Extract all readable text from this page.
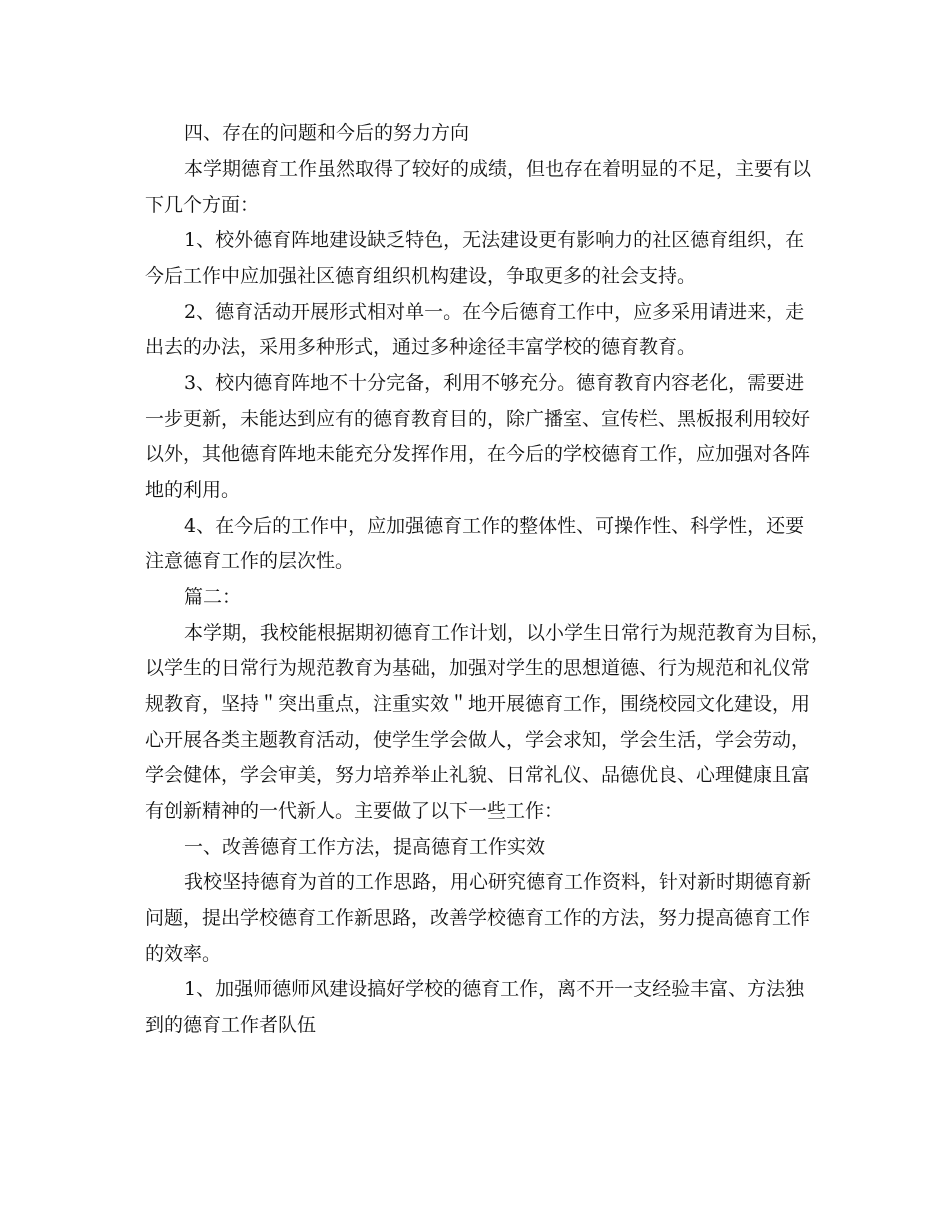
四、存在的问题和今后的努力方向

本学期德育工作虽然取得了较好的成绩，但也存在着明显的不足，主要有以

下几个方面：

1、校外德育阵地建设缺乏特色，无法建设更有影响力的社区德育组织，在

今后工作中应加强社区德育组织机构建设，争取更多的社会支持。

2、德育活动开展形式相对单一。在今后德育工作中，应多采用请进来，走

出去的办法，采用多种形式，通过多种途径丰富学校的德育教育。

3、校内德育阵地不十分完备，利用不够充分。德育教育内容老化，需要进

一步更新，未能达到应有的德育教育目的，除广播室、宣传栏、黑板报利用较好

以外，其他德育阵地未能充分发挥作用，在今后的学校德育工作，应加强对各阵

地的利用。

4、在今后的工作中，应加强德育工作的整体性、可操作性、科学性，还要

注意德育工作的层次性。

篇二：

本学期，我校能根据期初德育工作计划，以小学生日常行为规范教育为目标，

以学生的日常行为规范教育为基础，加强对学生的思想道德、行为规范和礼仪常

规教育，坚持＂突出重点，注重实效＂地开展德育工作，围绕校园文化建设，用

心开展各类主题教育活动，使学生学会做人，学会求知，学会生活，学会劳动，

学会健体，学会审美，努力培养举止礼貌、日常礼仪、品德优良、心理健康且富

有创新精神的一代新人。主要做了以下一些工作：

一、改善德育工作方法，提高德育工作实效

我校坚持德育为首的工作思路，用心研究德育工作资料，针对新时期德育新

问题，提出学校德育工作新思路，改善学校德育工作的方法，努力提高德育工作

的效率。

1、加强师德师风建设搞好学校的德育工作，离不开一支经验丰富、方法独

到的德育工作者队伍
